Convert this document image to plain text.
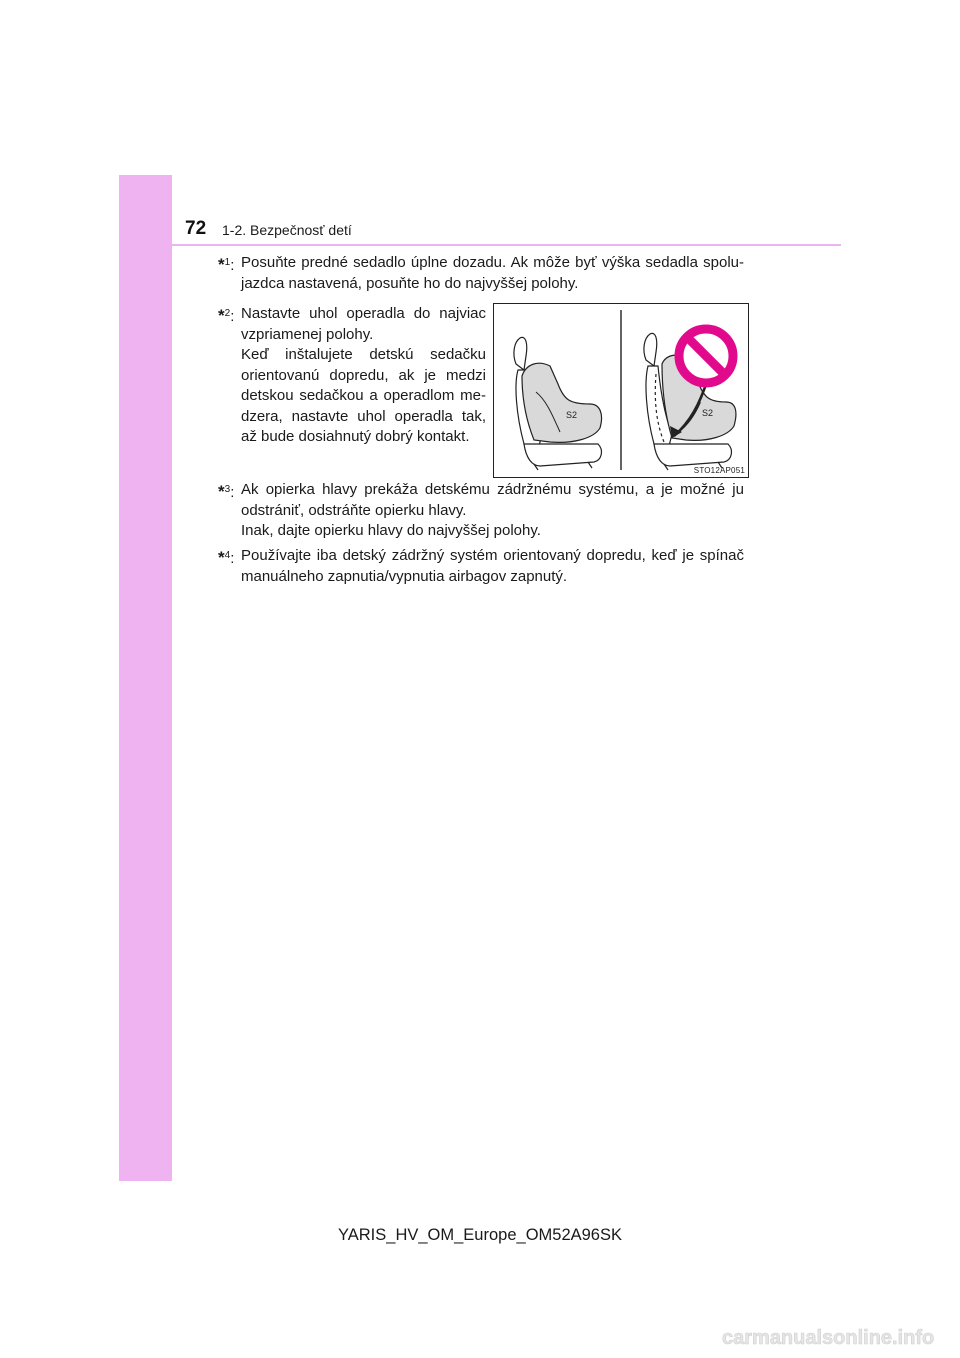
72 1-2. Bezpečnosť detí
*$^1$: Posuňte predné sedadlo úplne dozadu. Ak môže byť výška sedadla spolu-jazdca nastavená, posuňte ho do najvyššej polohy.

*$^2$: Nastavte uhol operadla do najviac vzpriamenej polohy.

Keď inštalujete detskú sedačku orientovanú dopredu, ak je medzi detskou sedačkou a operadlom me-dzera, nastavte uhol operadla tak, až bude dosiahnutý dobrý kontakt.

S2	S2
STO12AP051
*$^3$: Ak opierka hlavy prekáža detskému zádržnému systému, a je možné ju odstrániť, odstráňte opierku hlavy.

Inak, dajte opierku hlavy do najvyššej polohy.

*$^4$: Používajte iba detský zádržný systém orientovaný dopredu, keď je spínač manuálneho zapnutia/vypnutia airbagov zapnutý.

YARIS_HV_OM_Europe_OM52A96SK
carmanualsonline.info
